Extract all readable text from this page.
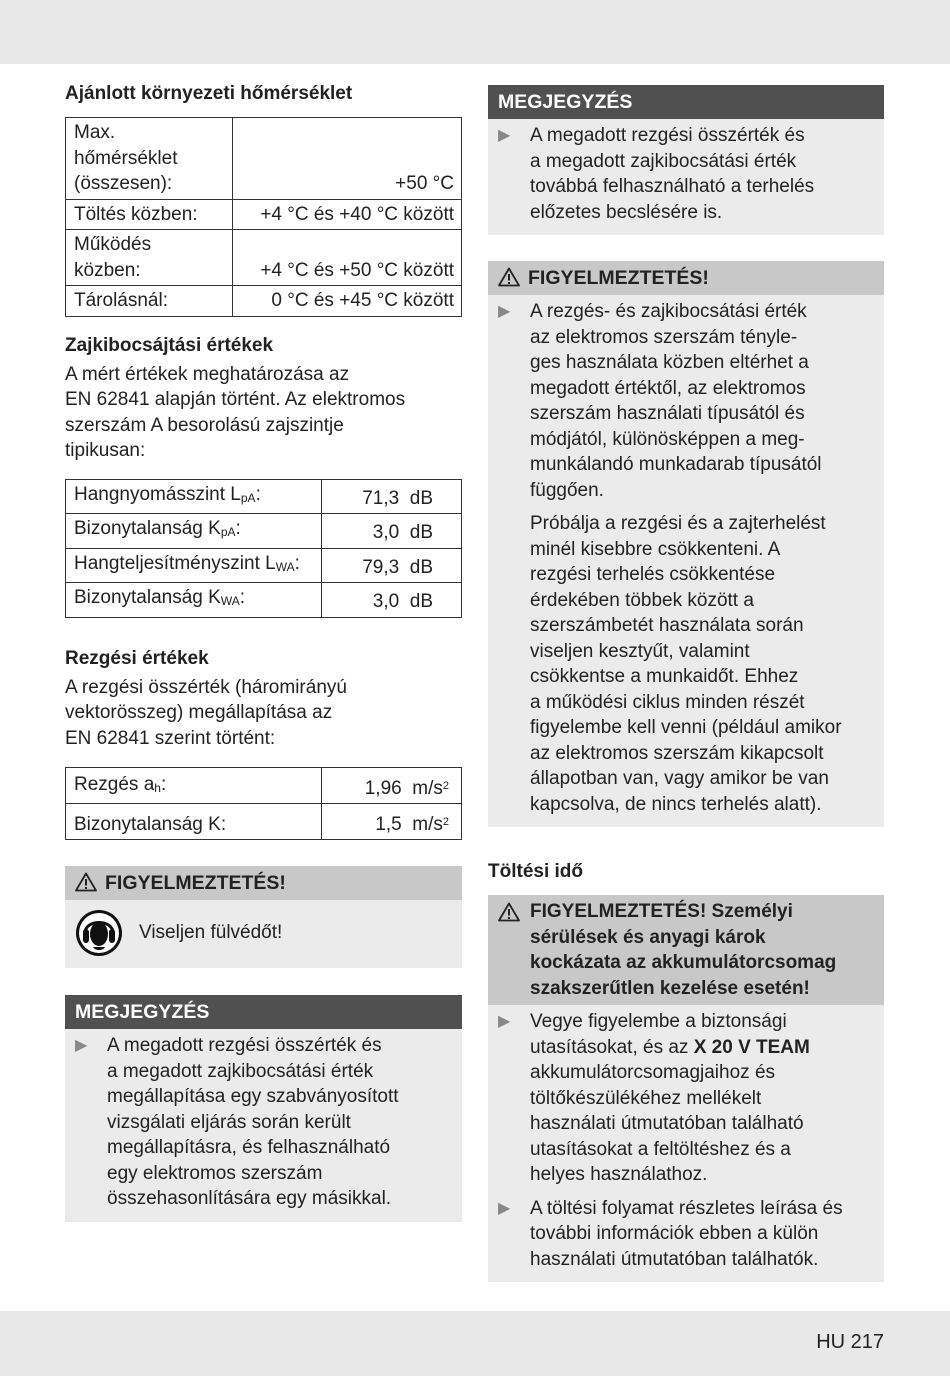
Ajánlott környezeti hőmérséklet
Max.
hőmérséklet
(összesen):	+50 °C
Töltés közben:	+4 °C és +40 °C között
Működés
közben:	+4 °C és +50 °C között
Tárolásnál:	0 °C és +45 °C között
Zajkibocsájtási értékek

A mért értékek meghatározása az
EN 62841 alapján történt. Az elektromos
szerszám A besorolású zajszintje
tipikusan:

Hangnyomásszint $L_{pA}$:	71,3 dB
Bizonytalanság $K_{pA}$:	3,0 dB
Hangteljesítményszint $L_{WA}$:	79,3 dB
Bizonytalanság $K_{WA}$:	3,0 dB
Rezgési értékek

A rezgési összérték (háromirányú
vektorösszeg) megállapítása az
EN 62841 szerint történt:

Rezgés $a_h$:	1,96 $m/s^2$
Bizonytalanság K:	1,5 $m/s^2$
FIGYELMEZTETÉS!
Viseljen fülvédőt!
MEGJEGYZÉS
▶	A megadott rezgési összérték és
a megadott zajkibocsátási érték
megállapítása egy szabványosított
vizsgálati eljárás során került
megállapításra, és felhasználható
egy elektromos szerszám
összehasonlítására egy másikkal.
MEGJEGYZÉS
▶	A megadott rezgési összérték és
a megadott zajkibocsátási érték
továbbá felhasználható a terhelés
előzetes becslésére is.
FIGYELMEZTETÉS!
▶	A rezgés- és zajkibocsátási érték
az elektromos szerszám tényle-
ges használata közben eltérhet a
megadott értéktől, az elektromos
szerszám használati típusától és
módjától, különösképpen a meg-
munkálandó munkadarab típusától
függően.
Próbálja a rezgési és a zajterhelést
minél kisebbre csökkenteni. A
rezgési terhelés csökkentése
érdekében többek között a
szerszámbetét használata során
viseljen kesztyűt, valamint
csökkentse a munkaidőt. Ehhez
a működési ciklus minden részét
figyelembe kell venni (például amikor
az elektromos szerszám kikapcsolt
állapotban van, vagy amikor be van
kapcsolva, de nincs terhelés alatt).
Töltési idő
FIGYELMEZTETÉS! Személyi
sérülések és anyagi károk
kockázata az akkumulátorcsomag
szakszerűtlen kezelése esetén!
▶	Vegye figyelembe a biztonsági
utasításokat, és az X 20 V TEAM
akkumulátorcsomagjaihoz és
töltőkészülékéhez mellékelt
használati útmutatóban található
utasításokat a feltöltéshez és a
helyes használathoz.
▶	A töltési folyamat részletes leírása és
további információk ebben a külön
használati útmutatóban találhatók.
HU 217
